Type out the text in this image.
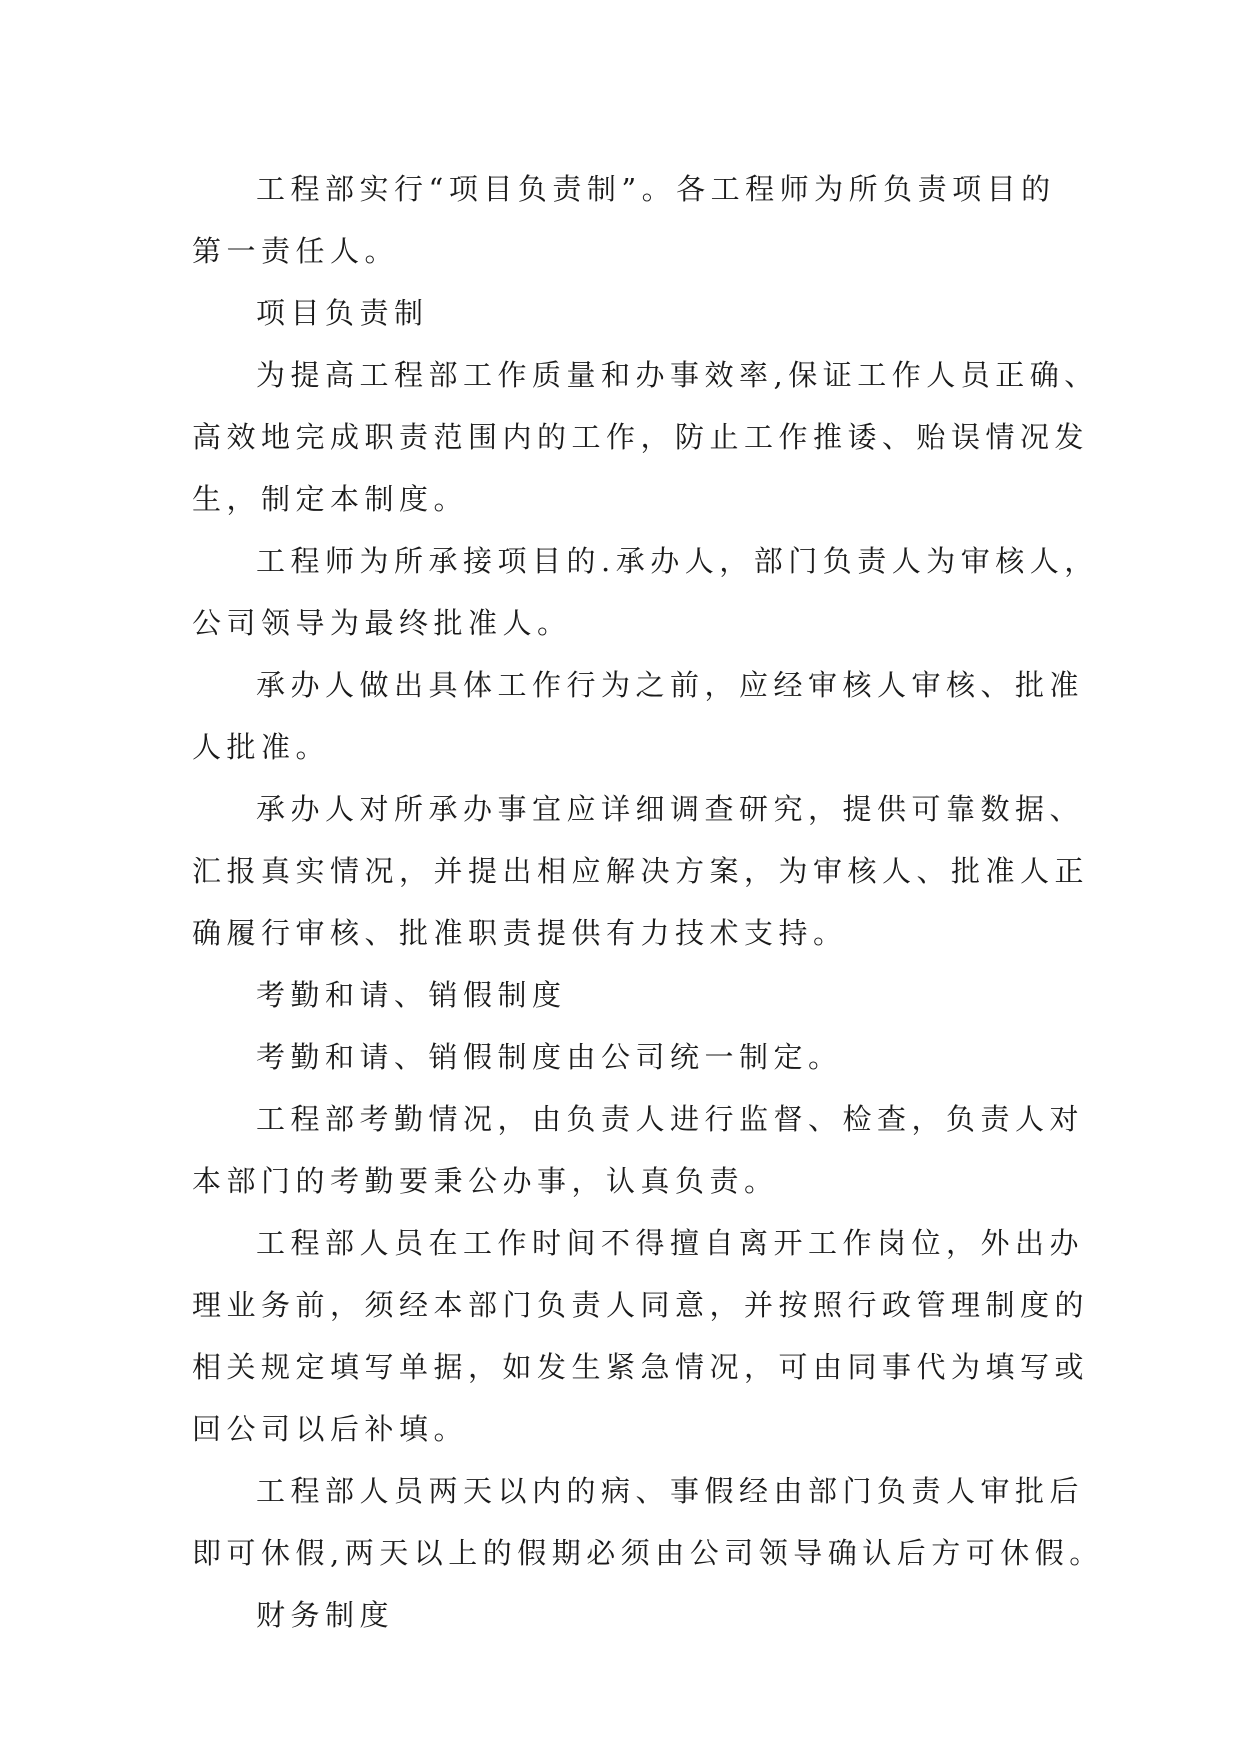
工程部实行“项目负责制”。各工程师为所负责项目的
第一责任人。
项目负责制
为提高工程部工作质量和办事效率,保证工作人员正确、
高效地完成职责范围内的工作，防止工作推诿、贻误情况发
生，制定本制度。
工程师为所承接项目的.承办人，部门负责人为审核人，
公司领导为最终批准人。
承办人做出具体工作行为之前，应经审核人审核、批准
人批准。
承办人对所承办事宜应详细调查研究，提供可靠数据、
汇报真实情况，并提出相应解决方案，为审核人、批准人正
确履行审核、批准职责提供有力技术支持。
考勤和请、销假制度
考勤和请、销假制度由公司统一制定。
工程部考勤情况，由负责人进行监督、检查，负责人对
本部门的考勤要秉公办事，认真负责。
工程部人员在工作时间不得擅自离开工作岗位，外出办
理业务前，须经本部门负责人同意，并按照行政管理制度的
相关规定填写单据，如发生紧急情况，可由同事代为填写或
回公司以后补填。
工程部人员两天以内的病、事假经由部门负责人审批后
即可休假,两天以上的假期必须由公司领导确认后方可休假。
财务制度
